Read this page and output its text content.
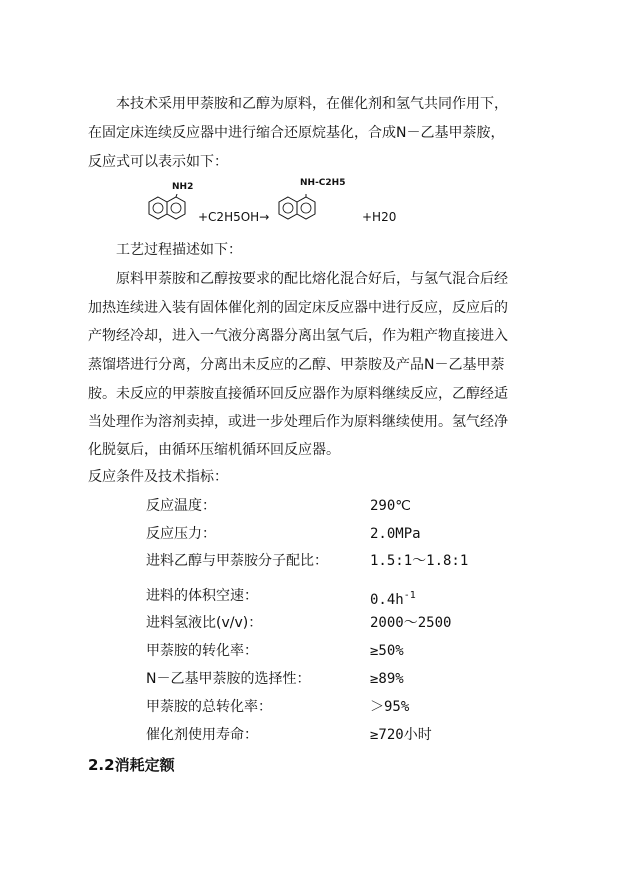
本技术采用甲萘胺和乙醇为原料，在催化剂和氢气共同作用下，
在固定床连续反应器中进行缩合还原烷基化，合成N－乙基甲萘胺，
反应式可以表示如下：
NH2
+C2H5OH→
NH-C2H5
+H20
工艺过程描述如下：
原料甲萘胺和乙醇按要求的配比熔化混合好后，与氢气混合后经
加热连续进入装有固体催化剂的固定床反应器中进行反应，反应后的
产物经冷却，进入一气液分离器分离出氢气后，作为粗产物直接进入
蒸馏塔进行分离，分离出未反应的乙醇、甲萘胺及产品N－乙基甲萘
胺。未反应的甲萘胺直接循环回反应器作为原料继续反应，乙醇经适
当处理作为溶剂卖掉，或进一步处理后作为原料继续使用。氢气经净
化脱氨后，由循环压缩机循环回反应器。
反应条件及技术指标：
反应温度：	290℃
反应压力：	2.0MPa
进料乙醇与甲萘胺分子配比：	1.5:1～1.8:1
进料的体积空速：	$0.4h^{-1}$
进料氢液比(v/v)：	2000～2500
甲萘胺的转化率：	≥50%
N－乙基甲萘胺的选择性：	≥89%
甲萘胺的总转化率：	＞95%
催化剂使用寿命：	≥720小时
2.2消耗定额
